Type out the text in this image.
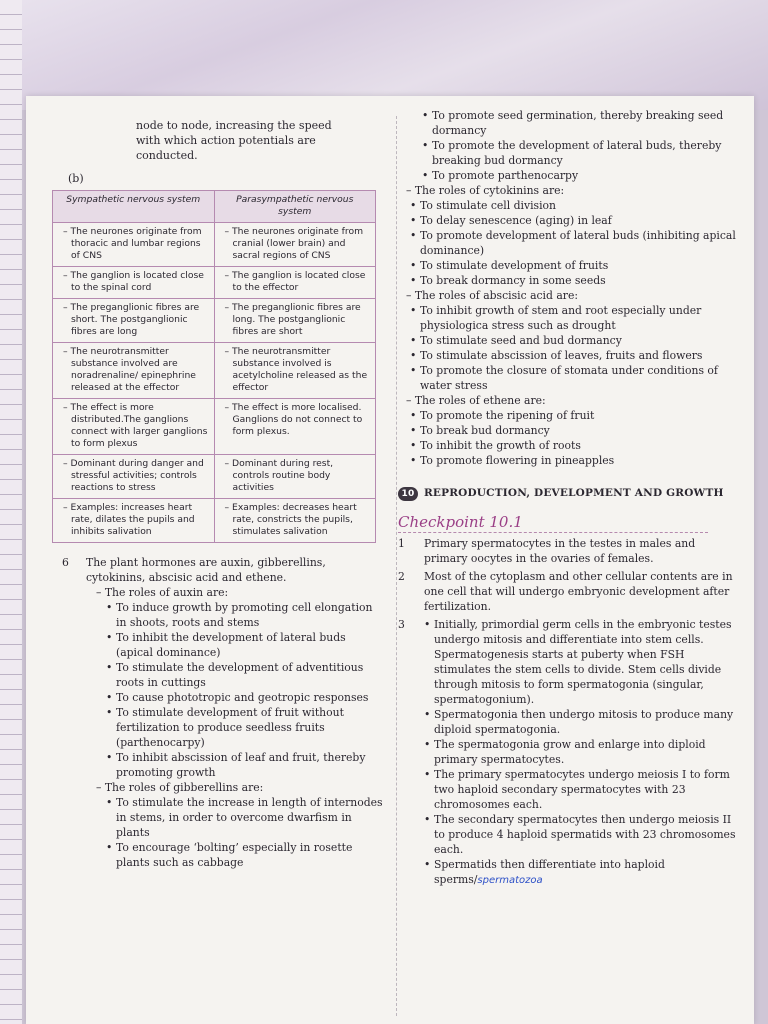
node to node, increasing the speed with which action potentials are conducted.
(b)
Sympathetic nervous system	Parasympathetic nervous system

– The neurones originate from thoracic and lumbar regions of CNS	– The neurones originate from cranial (lower brain) and sacral regions of CNS

– The ganglion is located close to the spinal cord	– The ganglion is located close to the effector

– The preganglionic fibres are short. The postganglionic fibres are long	– The preganglionic fibres are long. The postganglionic fibres are short

– The neurotransmitter substance involved are noradrenaline/ epinephrine released at the effector	– The neurotransmitter substance involved is acetylcholine released as the effector

– The effect is more distributed.The ganglions connect with larger ganglions to form plexus	– The effect is more localised. Ganglions do not connect to form plexus.

– Dominant during danger and stressful activities; controls reactions to stress	– Dominant during rest, controls routine body activities

– Examples: increases heart rate, dilates the pupils and inhibits salivation	– Examples: decreases heart rate, constricts the pupils, stimulates salivation
6 The plant hormones are auxin, gibberellins, cytokinins, abscisic acid and ethene.
– The roles of auxin are:
• To induce growth by promoting cell elongation in shoots, roots and stems
• To inhibit the development of lateral buds (apical dominance)
• To stimulate the development of adventitious roots in cuttings
• To cause phototropic and geotropic responses
• To stimulate development of fruit without fertilization to produce seedless fruits (parthenocarpy)
• To inhibit abscission of leaf and fruit, thereby promoting growth
– The roles of gibberellins are:
• To stimulate the increase in length of internodes in stems, in order to overcome dwarfism in plants
• To encourage ‘bolting’ especially in rosette plants such as cabbage
• To promote seed germination, thereby breaking seed dormancy
• To promote the development of lateral buds, thereby breaking bud dormancy
• To promote parthenocarpy
– The roles of cytokinins are:
• To stimulate cell division
• To delay senescence (aging) in leaf
• To promote development of lateral buds (inhibiting apical dominance)
• To stimulate development of fruits
• To break dormancy in some seeds
– The roles of abscisic acid are:
• To inhibit growth of stem and root especially under physiologica stress such as drought
• To stimulate seed and bud dormancy
• To stimulate abscission of leaves, fruits and flowers
• To promote the closure of stomata under conditions of water stress
– The roles of ethene are:
• To promote the ripening of fruit
• To break bud dormancy
• To inhibit the growth of roots
• To promote flowering in pineapples
10 REPRODUCTION, DEVELOPMENT AND GROWTH
Checkpoint 10.1
1 Primary spermatocytes in the testes in males and primary oocytes in the ovaries of females.
2 Most of the cytoplasm and other cellular contents are in one cell that will undergo embryonic development after fertilization.
3	• Initially, primordial germ cells in the embryonic testes undergo mitosis and differentiate into stem cells. Spermatogenesis starts at puberty when FSH stimulates the stem cells to divide. Stem cells divide through mitosis to form spermatogonia (singular, spermatogonium).
• Spermatogonia then undergo mitosis to produce many diploid spermatogonia.
• The spermatogonia grow and enlarge into diploid primary spermatocytes.
• The primary spermatocytes undergo meiosis I to form two haploid secondary spermatocytes with 23 chromosomes each.
• The secondary spermatocytes then undergo meiosis II to produce 4 haploid spermatids with 23 chromosomes each.
• Spermatids then differentiate into haploid sperms/spermatozoa
